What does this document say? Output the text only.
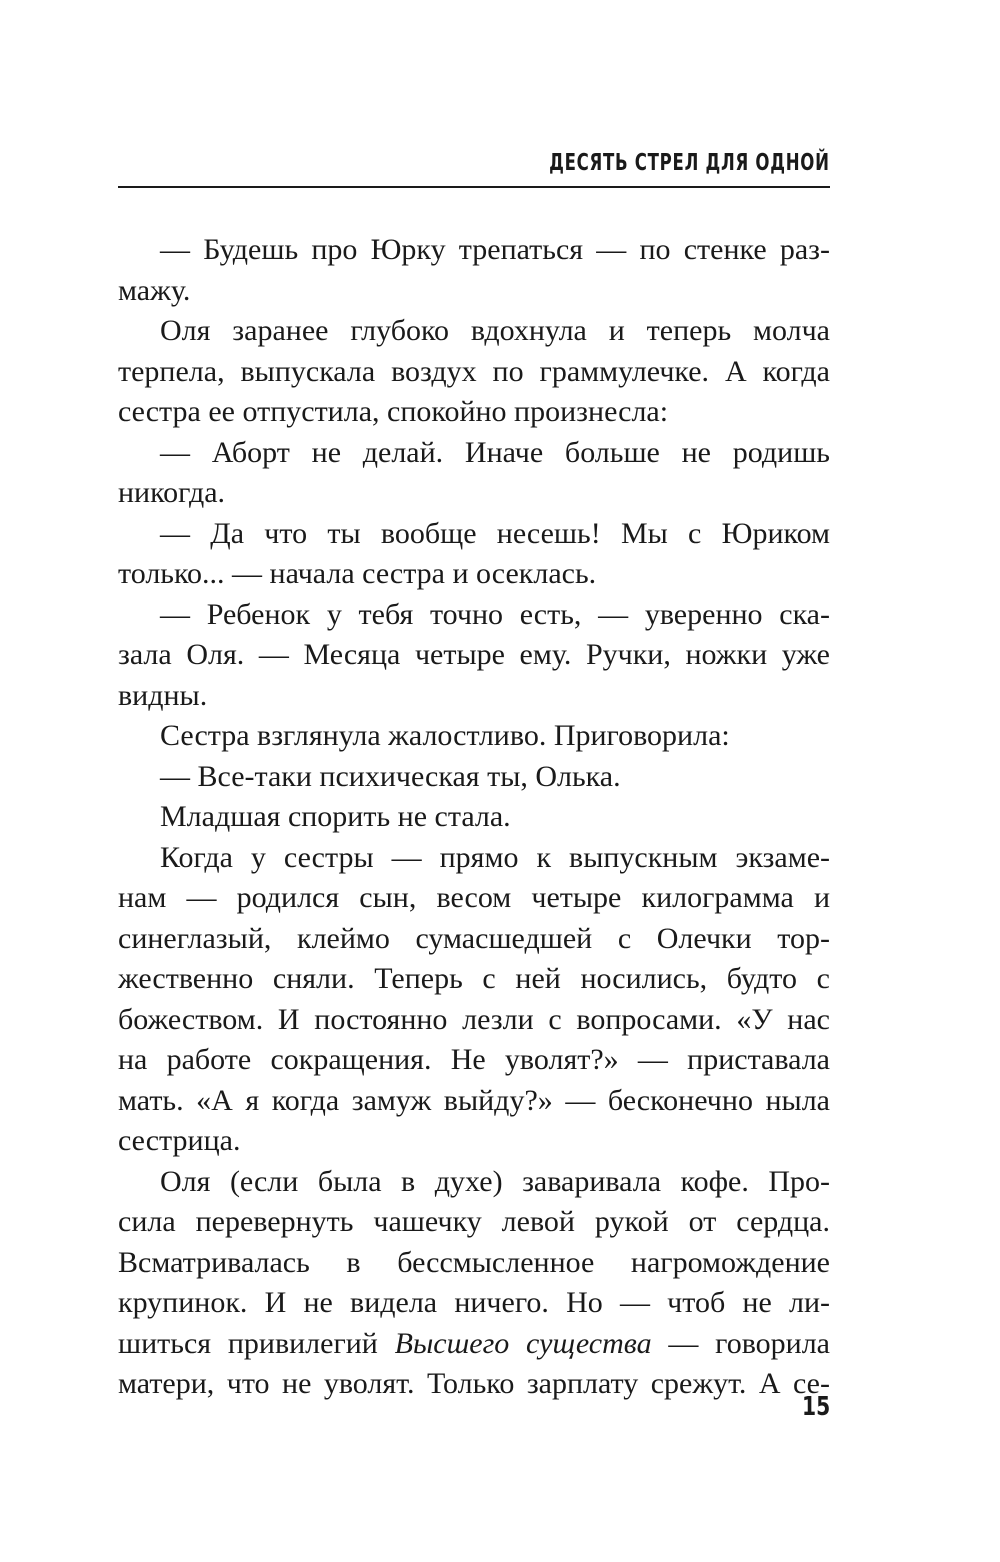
ДЕСЯТЬ СТРЕЛ ДЛЯ ОДНОЙ
— Будешь про Юрку трепаться — по стенке раз-
мажу.
Оля заранее глубоко вдохнула и теперь молча
терпела, выпускала воздух по граммулечке. А когда
сестра ее отпустила, спокойно произнесла:
— Аборт не делай. Иначе больше не родишь
никогда.
— Да что ты вообще несешь! Мы с Юриком
только... — начала сестра и осеклась.
— Ребенок у тебя точно есть, — уверенно ска-
зала Оля. — Месяца четыре ему. Ручки, ножки уже
видны.
Сестра взглянула жалостливо. Приговорила:
— Все-таки психическая ты, Олька.
Младшая спорить не стала.
Когда у сестры — прямо к выпускным экзаме-
нам — родился сын, весом четыре килограмма и
синеглазый, клеймо сумасшедшей с Олечки тор-
жественно сняли. Теперь с ней носились, будто с
божеством. И постоянно лезли с вопросами. «У нас
на работе сокращения. Не уволят?» — приставала
мать. «А я когда замуж выйду?» — бесконечно ныла
сестрица.
Оля (если была в духе) заваривала кофе. Про-
сила перевернуть чашечку левой рукой от сердца.
Всматривалась в бессмысленное нагромождение
крупинок. И не видела ничего. Но — чтоб не ли-
шиться привилегий Высшего существа — говорила
матери, что не уволят. Только зарплату срежут. А се-
15
